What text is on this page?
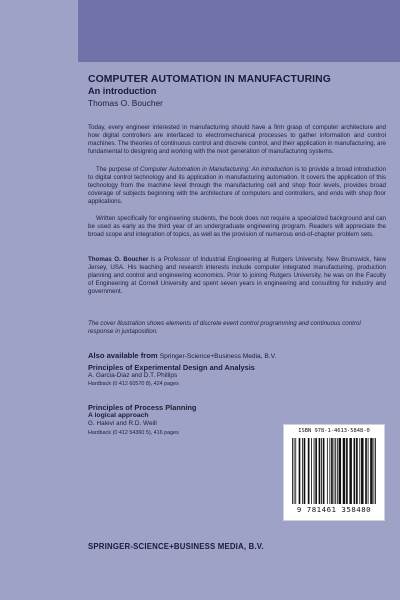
COMPUTER AUTOMATION IN MANUFACTURING
An introduction
Thomas O. Boucher
Today, every engineer interested in manufacturing should have a firm grasp of computer architecture and how digital controllers are interfaced to electromechanical processes to gather information and control machines. The theories of continuous control and discrete control, and their application in manufacturing, are fundamental to designing and working with the next generation of manufacturing systems.
The purpose of Computer Automation in Manufacturing: An introduction is to provide a broad introduction to digital control technology and its application in manufacturing automation. It covers the application of this technology from the machine level through the manufacturing cell and shop floor levels, provides broad coverage of subjects beginning with the architecture of computers and controllers, and ends with shop floor applications.
Written specifically for engineering students, the book does not require a specialized background and can be used as early as the third year of an undergraduate engineering program. Readers will appreciate the broad scope and integration of topics, as well as the provision of numerous end-of-chapter problem sets.
Thomas O. Boucher is a Professor of Industrial Engineering at Rutgers University, New Brunswick, New Jersey, USA. His teaching and research interests include computer integrated manufacturing, production planning and control and engineering economics. Prior to joining Rutgers University, he was on the Faculty of Engineering at Cornell University and spent seven years in engineering and consulting for industry and government.
The cover illustration shows elements of discrete event control programming and continuous control response in juxtaposition.
Also available from Springer-Science+Business Media, B.V.
Principles of Experimental Design and Analysis
A. Garcia-Diaz and D.T. Phillips
Hardback (0 412 60570 8), 424 pages
Principles of Process Planning
A logical approach
G. Halevi and R.D. Weill
Hardback (0 412 54360 5), 416 pages	ISBN 978-1-4613-5848-0
9 781461 358480
SPRINGER-SCIENCE+BUSINESS MEDIA, B.V.
